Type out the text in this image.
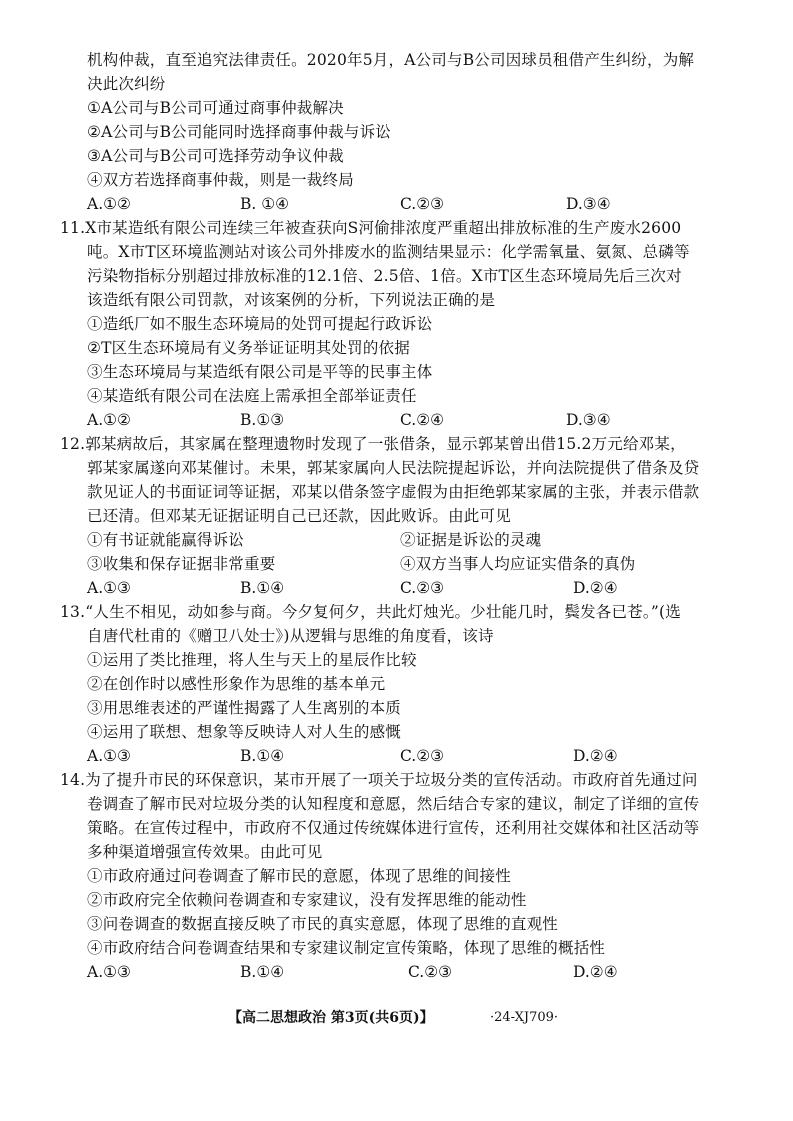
机构仲裁，直至追究法律责任。2020年5月，A公司与B公司因球员租借产生纠纷，为解
决此次纠纷
①A公司与B公司可通过商事仲裁解决
②A公司与B公司能同时选择商事仲裁与诉讼
③A公司与B公司可选择劳动争议仲裁
④双方若选择商事仲裁，则是一裁终局
A.①②	B. ①④	C.②③	D.③④
11.X市某造纸有限公司连续三年被查获向S河偷排浓度严重超出排放标准的生产废水2600
吨。X市T区环境监测站对该公司外排废水的监测结果显示：化学需氧量、氨氮、总磷等
污染物指标分别超过排放标准的12.1倍、2.5倍、1倍。X市T区生态环境局先后三次对
该造纸有限公司罚款，对该案例的分析，下列说法正确的是
①造纸厂如不服生态环境局的处罚可提起行政诉讼
②T区生态环境局有义务举证证明其处罚的依据
③生态环境局与某造纸有限公司是平等的民事主体
④某造纸有限公司在法庭上需承担全部举证责任
A.①②	B.①③	C.②④	D.③④
12.郭某病故后，其家属在整理遗物时发现了一张借条，显示郭某曾出借15.2万元给邓某，
郭某家属遂向邓某催讨。未果，郭某家属向人民法院提起诉讼，并向法院提供了借条及贷
款见证人的书面证词等证据，邓某以借条签字虚假为由拒绝郭某家属的主张，并表示借款
已还清。但邓某无证据证明自己已还款，因此败诉。由此可见
①有书证就能赢得诉讼	②证据是诉讼的灵魂
③收集和保存证据非常重要	④双方当事人均应证实借条的真伪
A.①③	B.①④	C.②③	D.②④
13.“人生不相见，动如参与商。今夕复何夕，共此灯烛光。少壮能几时，鬓发各已苍。”(选
自唐代杜甫的《赠卫八处士》)从逻辑与思维的角度看，该诗
①运用了类比推理，将人生与天上的星辰作比较
②在创作时以感性形象作为思维的基本单元
③用思维表述的严谨性揭露了人生离别的本质
④运用了联想、想象等反映诗人对人生的感慨
A.①③	B.①④	C.②③	D.②④
14.为了提升市民的环保意识，某市开展了一项关于垃圾分类的宣传活动。市政府首先通过问
卷调查了解市民对垃圾分类的认知程度和意愿，然后结合专家的建议，制定了详细的宣传
策略。在宣传过程中，市政府不仅通过传统媒体进行宣传，还利用社交媒体和社区活动等
多种渠道增强宣传效果。由此可见
①市政府通过问卷调查了解市民的意愿，体现了思维的间接性
②市政府完全依赖问卷调查和专家建议，没有发挥思维的能动性
③问卷调查的数据直接反映了市民的真实意愿，体现了思维的直观性
④市政府结合问卷调查结果和专家建议制定宣传策略，体现了思维的概括性
A.①③	B.①④	C.②③	D.②④
【高二思想政治 第3页(共6页)】	·24-XJ709·
